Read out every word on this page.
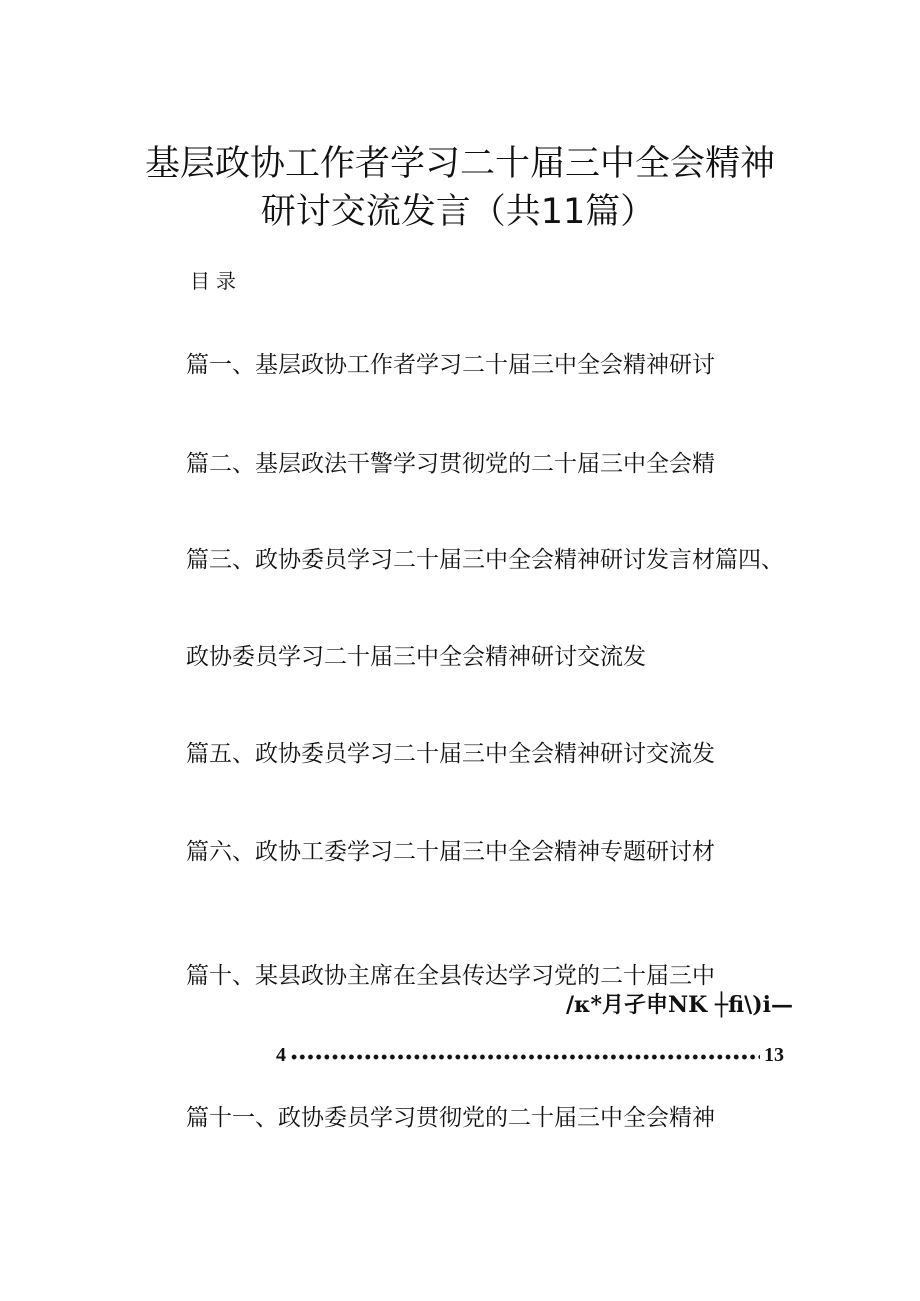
基层政协工作者学习二十届三中全会精神
研讨交流发言（共11篇）
目录
篇一、基层政协工作者学习二十届三中全会精神研讨
篇二、基层政法干警学习贯彻党的二十届三中全会精
篇三、政协委员学习二十届三中全会精神研讨发言材篇四、
政协委员学习二十届三中全会精神研讨交流发
篇五、政协委员学习二十届三中全会精神研讨交流发
篇六、政协工委学习二十届三中全会精神专题研讨材
篇十、某县政协主席在全县传达学习党的二十届三中
/κ*月孑申ΝΚ ┼fi\)i—
4	13
篇十一、政协委员学习贯彻党的二十届三中全会精神
